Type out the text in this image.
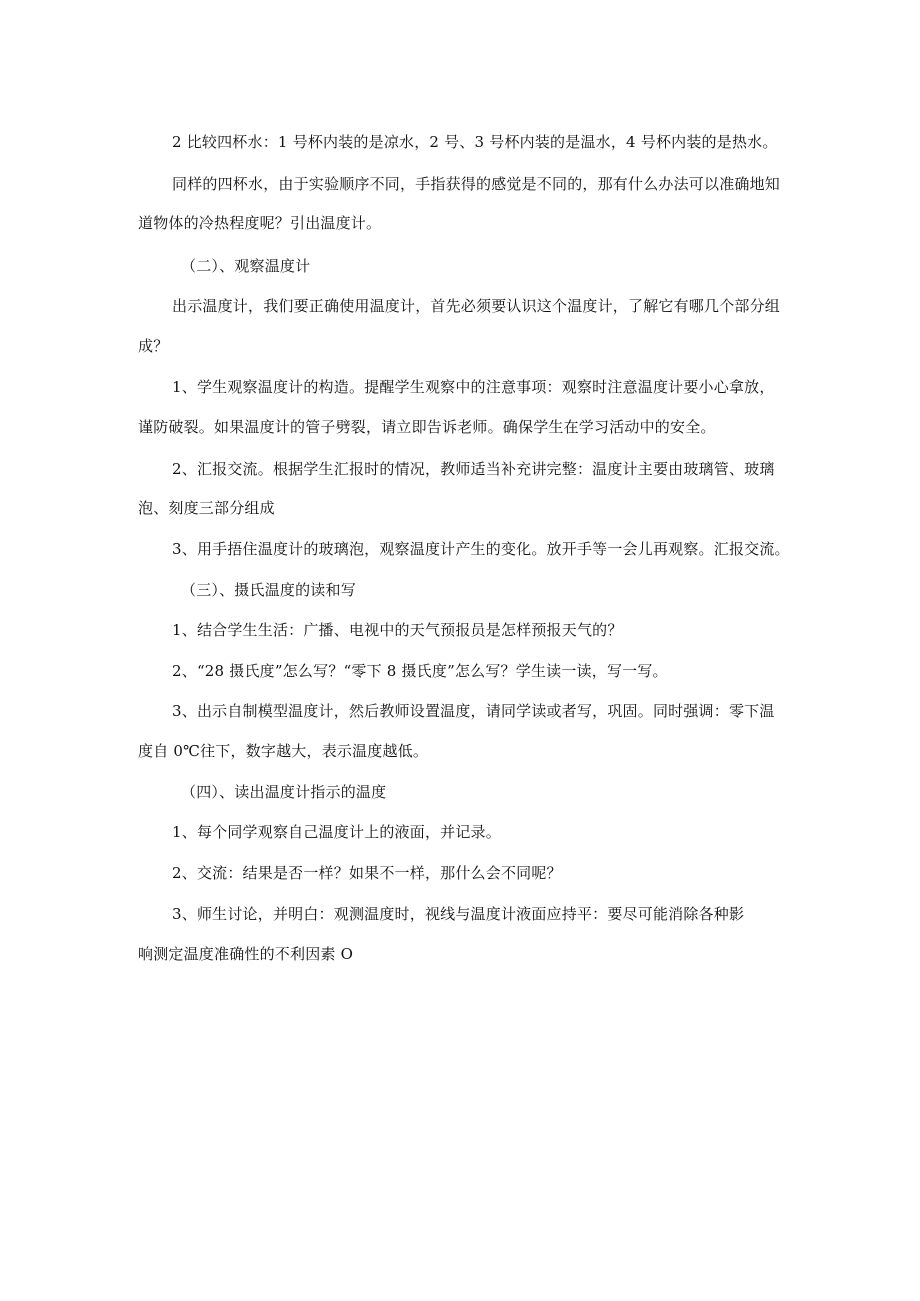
2 比较四杯水：1 号杯内装的是凉水，2 号、3 号杯内装的是温水，4 号杯内装的是热水。
同样的四杯水，由于实验顺序不同，手指获得的感觉是不同的，那有什么办法可以准确地知
道物体的冷热程度呢？引出温度计。
（二）、观察温度计
出示温度计，我们要正确使用温度计，首先必须要认识这个温度计，了解它有哪几个部分组
成？
1、学生观察温度计的构造。提醒学生观察中的注意事项：观察时注意温度计要小心拿放，
谨防破裂。如果温度计的管子劈裂，请立即告诉老师。确保学生在学习活动中的安全。
2、汇报交流。根据学生汇报时的情况，教师适当补充讲完整：温度计主要由玻璃管、玻璃
泡、刻度三部分组成
3、用手捂住温度计的玻璃泡，观察温度计产生的变化。放开手等一会儿再观察。汇报交流。
（三）、摄氏温度的读和写
1、结合学生生活：广播、电视中的天气预报员是怎样预报天气的？
2、“28 摄氏度”怎么写？“零下 8 摄氏度”怎么写？学生读一读，写一写。
3、出示自制模型温度计，然后教师设置温度，请同学读或者写，巩固。同时强调：零下温
度自 0℃往下，数字越大，表示温度越低。
（四）、读出温度计指示的温度
1、每个同学观察自己温度计上的液面，并记录。
2、交流：结果是否一样？如果不一样，那什么会不同呢？
3、师生讨论，并明白：观测温度时，视线与温度计液面应持平：要尽可能消除各种影
响测定温度准确性的不利因素 O
